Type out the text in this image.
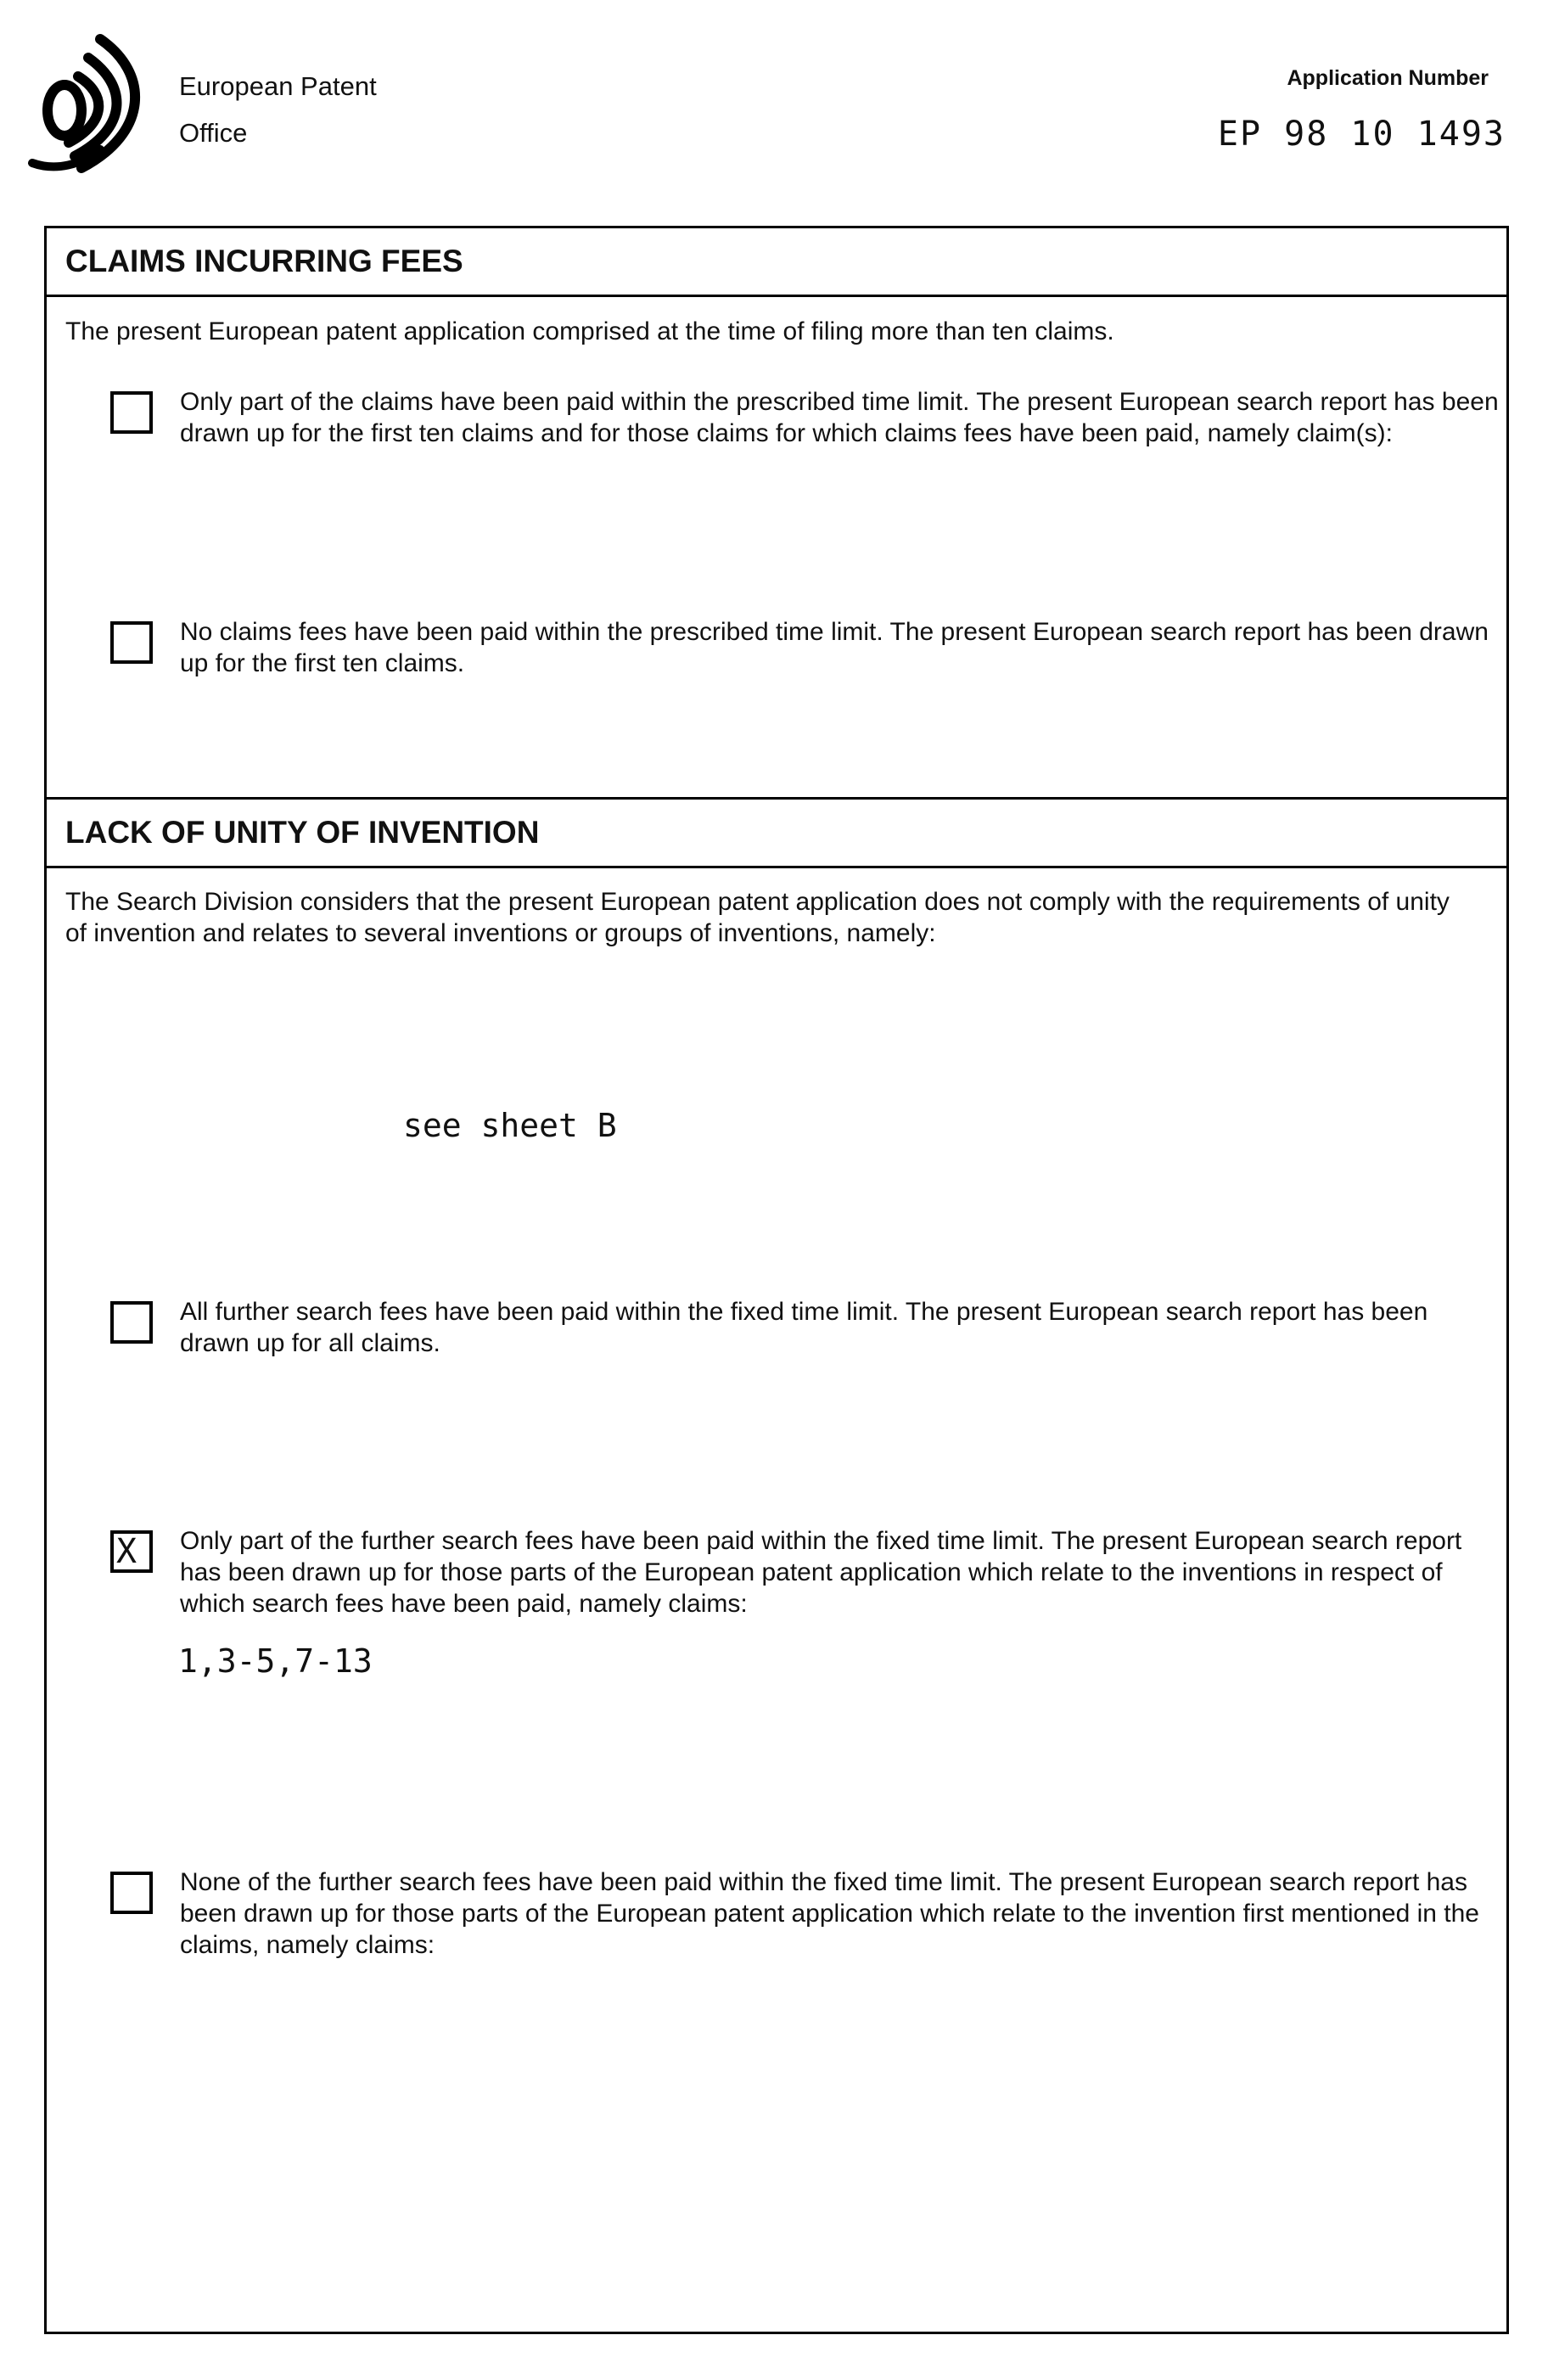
European Patent
Office
Application Number
EP 98 10 1493
CLAIMS INCURRING FEES
The present European patent application comprised at the time of filing more than ten claims.
Only part of the claims have been paid within the prescribed time limit. The present European search report has been drawn up for the first ten claims and for those claims for which claims fees have been paid, namely claim(s):
No claims fees have been paid within the prescribed time limit. The present European search report has been drawn up for the first ten claims.
LACK OF UNITY OF INVENTION
The Search Division considers that the present European patent application does not comply with the requirements of unity of invention and relates to several inventions or groups of inventions, namely:
see sheet B
All further search fees have been paid within the fixed time limit. The present European search report has been drawn up for all claims.
X	Only part of the further search fees have been paid within the fixed time limit. The present European search report has been drawn up for those parts of the European patent application which relate to the inventions in respect of which search fees have been paid, namely claims:
1,3-5,7-13
None of the further search fees have been paid within the fixed time limit. The present European search report has been drawn up for those parts of the European patent application which relate to the invention first mentioned in the claims, namely claims:
